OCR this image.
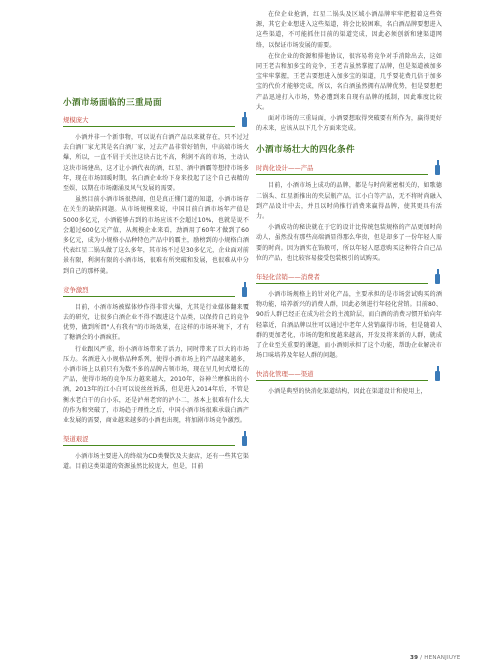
小酒市场面临的三重局面

规模庞大

小酒并非一个新事物，可以说有白酒产品以来就存在，只不过过去白酒厂家尤其是名白酒厂家，过去产品非常好销售，中高端市场火爆，所以，一直不屑于关注这块占比不高，利润不高的市场，主动认这块市场建出，这才让小酒代表的酒，红星、酒中酒霸等想持市场多年，现在市场回暖时期，名白酒企业纷下身来投起了这个自己表精的至娱，以期在市场潮涌及风气发展的需要。

虽然目前小酒市场很热闹，但是真正懂门道的知道，小酒市场存在关生的缺陷问题。从市场规模来说，中国目前白酒市场年产值是5000多亿元，小酒能够占到的市场应该不会超过10%，也就是说不会超过600亿元产值，从规模企业来看，劲酒用了60年才做到了60多亿元，成为小规格小品种特色产品中的霸主，励榜到的小规格白酒代表红星二锅头做了这么多年，其市场不过是30多亿元，企业面对前景有限，利润有限的小酒市场，很难有所突破和发展，也很难从中分到自己的那杯羹。

竞争激烈

目前，小酒市场被媒体炒作得非常火爆，尤其是行业媒体翻来覆去的研究，让很多白酒企业不得不跟进这个品类，以保持自己的竞争优势，做到所谓"人有我有"的市场效果，在这样的市场环境下，才有了糖酒会的小酒疯狂。

行业跟风严重，纷小酒市场带来了活力，同时带来了巨大的市场压力。名酒进入小规格品种系列，使得小酒市场上的产品越来越多，小酒市场上以前只有为数不多的品牌占领市场，现在呈几何式增长的产品，使得市场的竞争压力越来越大，2010年，谷神兰摩推出的小酒，2013年的江小白可以说丝丝诉禹，但是进入2014年后，不管是衡水老白干的白小乐，还是泸州老窖的泸小二，基本上很难有什么大的作为和突破了，市场趋于理性之后，中国小酒市场很难承载白酒产业发展的需要，商业越来越多的小酒也出现，将加剧市场竞争激烈。

渠道艰涩

小酒市场主要进入的终端为CD类餐饮及夫妻店，还有一些其它渠道。目前这类渠道的资源虽然比较庞大，但是，目前

在位企业抢酒，红星二锅头及区域小酒品牌牢牢把握着这些资源，其它企业想进入这些渠道，将会比较困难，名白酒品牌要想进入这些渠道，不可能抓住目前的渠道完成，因此必须创新和建渠道网络，以保证市场发展的需要。

在位企业的资源和排他协议，很容易将竞争对手消除出去，这如同王老吉和加多宝的竞争，王老吉虽然掌握了品牌，但是渠道被加多宝牢牢掌握，王老吉要想进入加多宝的渠道，几乎要花费几倍于加多宝的代价才能够完成，所以，名白酒虽然拥有品牌优势，但是要想把产品迅速打入市场，势必遭到来自现有品牌的抵制，因此难度比较大。

面对市场的三重局面，小酒要想取得突破要有所作为，赢得更好的未来，应该从以下几个方面来完成。

小酒市场壮大的四化条件

时尚化设计——产品

目前，小酒市场上成功的品牌，都是与时尚紧密相关的，如歌德二锅头、红星新推出的夹层瓶产品，江小白等产品，无不将时尚融入到产品设计中去，并且以时尚推行消费来赢得品牌，使其更具有活力。

小酒成功的秘诀就在于它的设计比传统包装规格的产品更加时尚动人，虽然没有那些高端酒显得那么华贵，但是却多了一份年轻人需要的时尚。因为酒实在饰般可，所以年轻人愿意购买这种符合自己品位的产品，也比较容易接受包装极引的试购买。

年轻化营销——消费者

小酒市场规格上的针对化产品，主要承担的是市场尝试购买的酒物功能，培养新兴的消费人群，因此必须进行年轻化营销。目前80、90后人群已经正在成为社会的主流阶层，而白酒的消费习惯开始向年轻靠近，自酒品牌以往可以通过中老年人营销赢得市场，但是随着人群的更加老化，市场的饱和度越来越高，开发及将来新的人群，就成了企业至关重要的课题，而小酒则承担了这个功能，帮助企业解决市场口味培养及年轻人群的问题。

快消化管理——渠道

小酒是典型的快消化渠道结构，因此在渠道设计和使用上，

39 / HENANJIUYE
